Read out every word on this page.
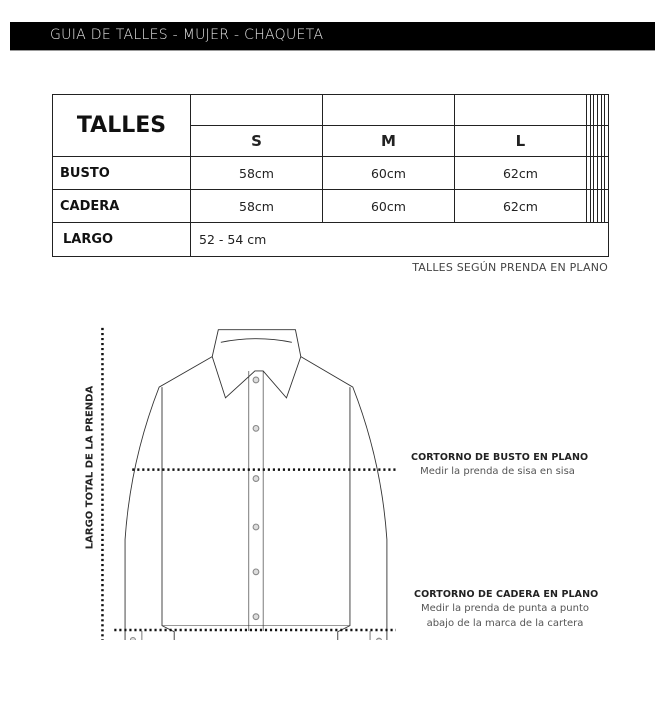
GUIA DE TALLES - MUJER - CHAQUETA
TALLES									
	S	M	L						
BUSTO	58cm	60cm	62cm						
CADERA	58cm	60cm	62cm						
LARGO	52 - 54 cm								
TALLES SEGÚN PRENDA EN PLANO
LARGO TOTAL DE LA PRENDA	CORTORNO DE BUSTO EN PLANO
Medir la prenda de sisa en sisa
CORTORNO DE CADERA EN PLANO
Medir la prenda de punta a punto
abajo de la marca de la cartera
